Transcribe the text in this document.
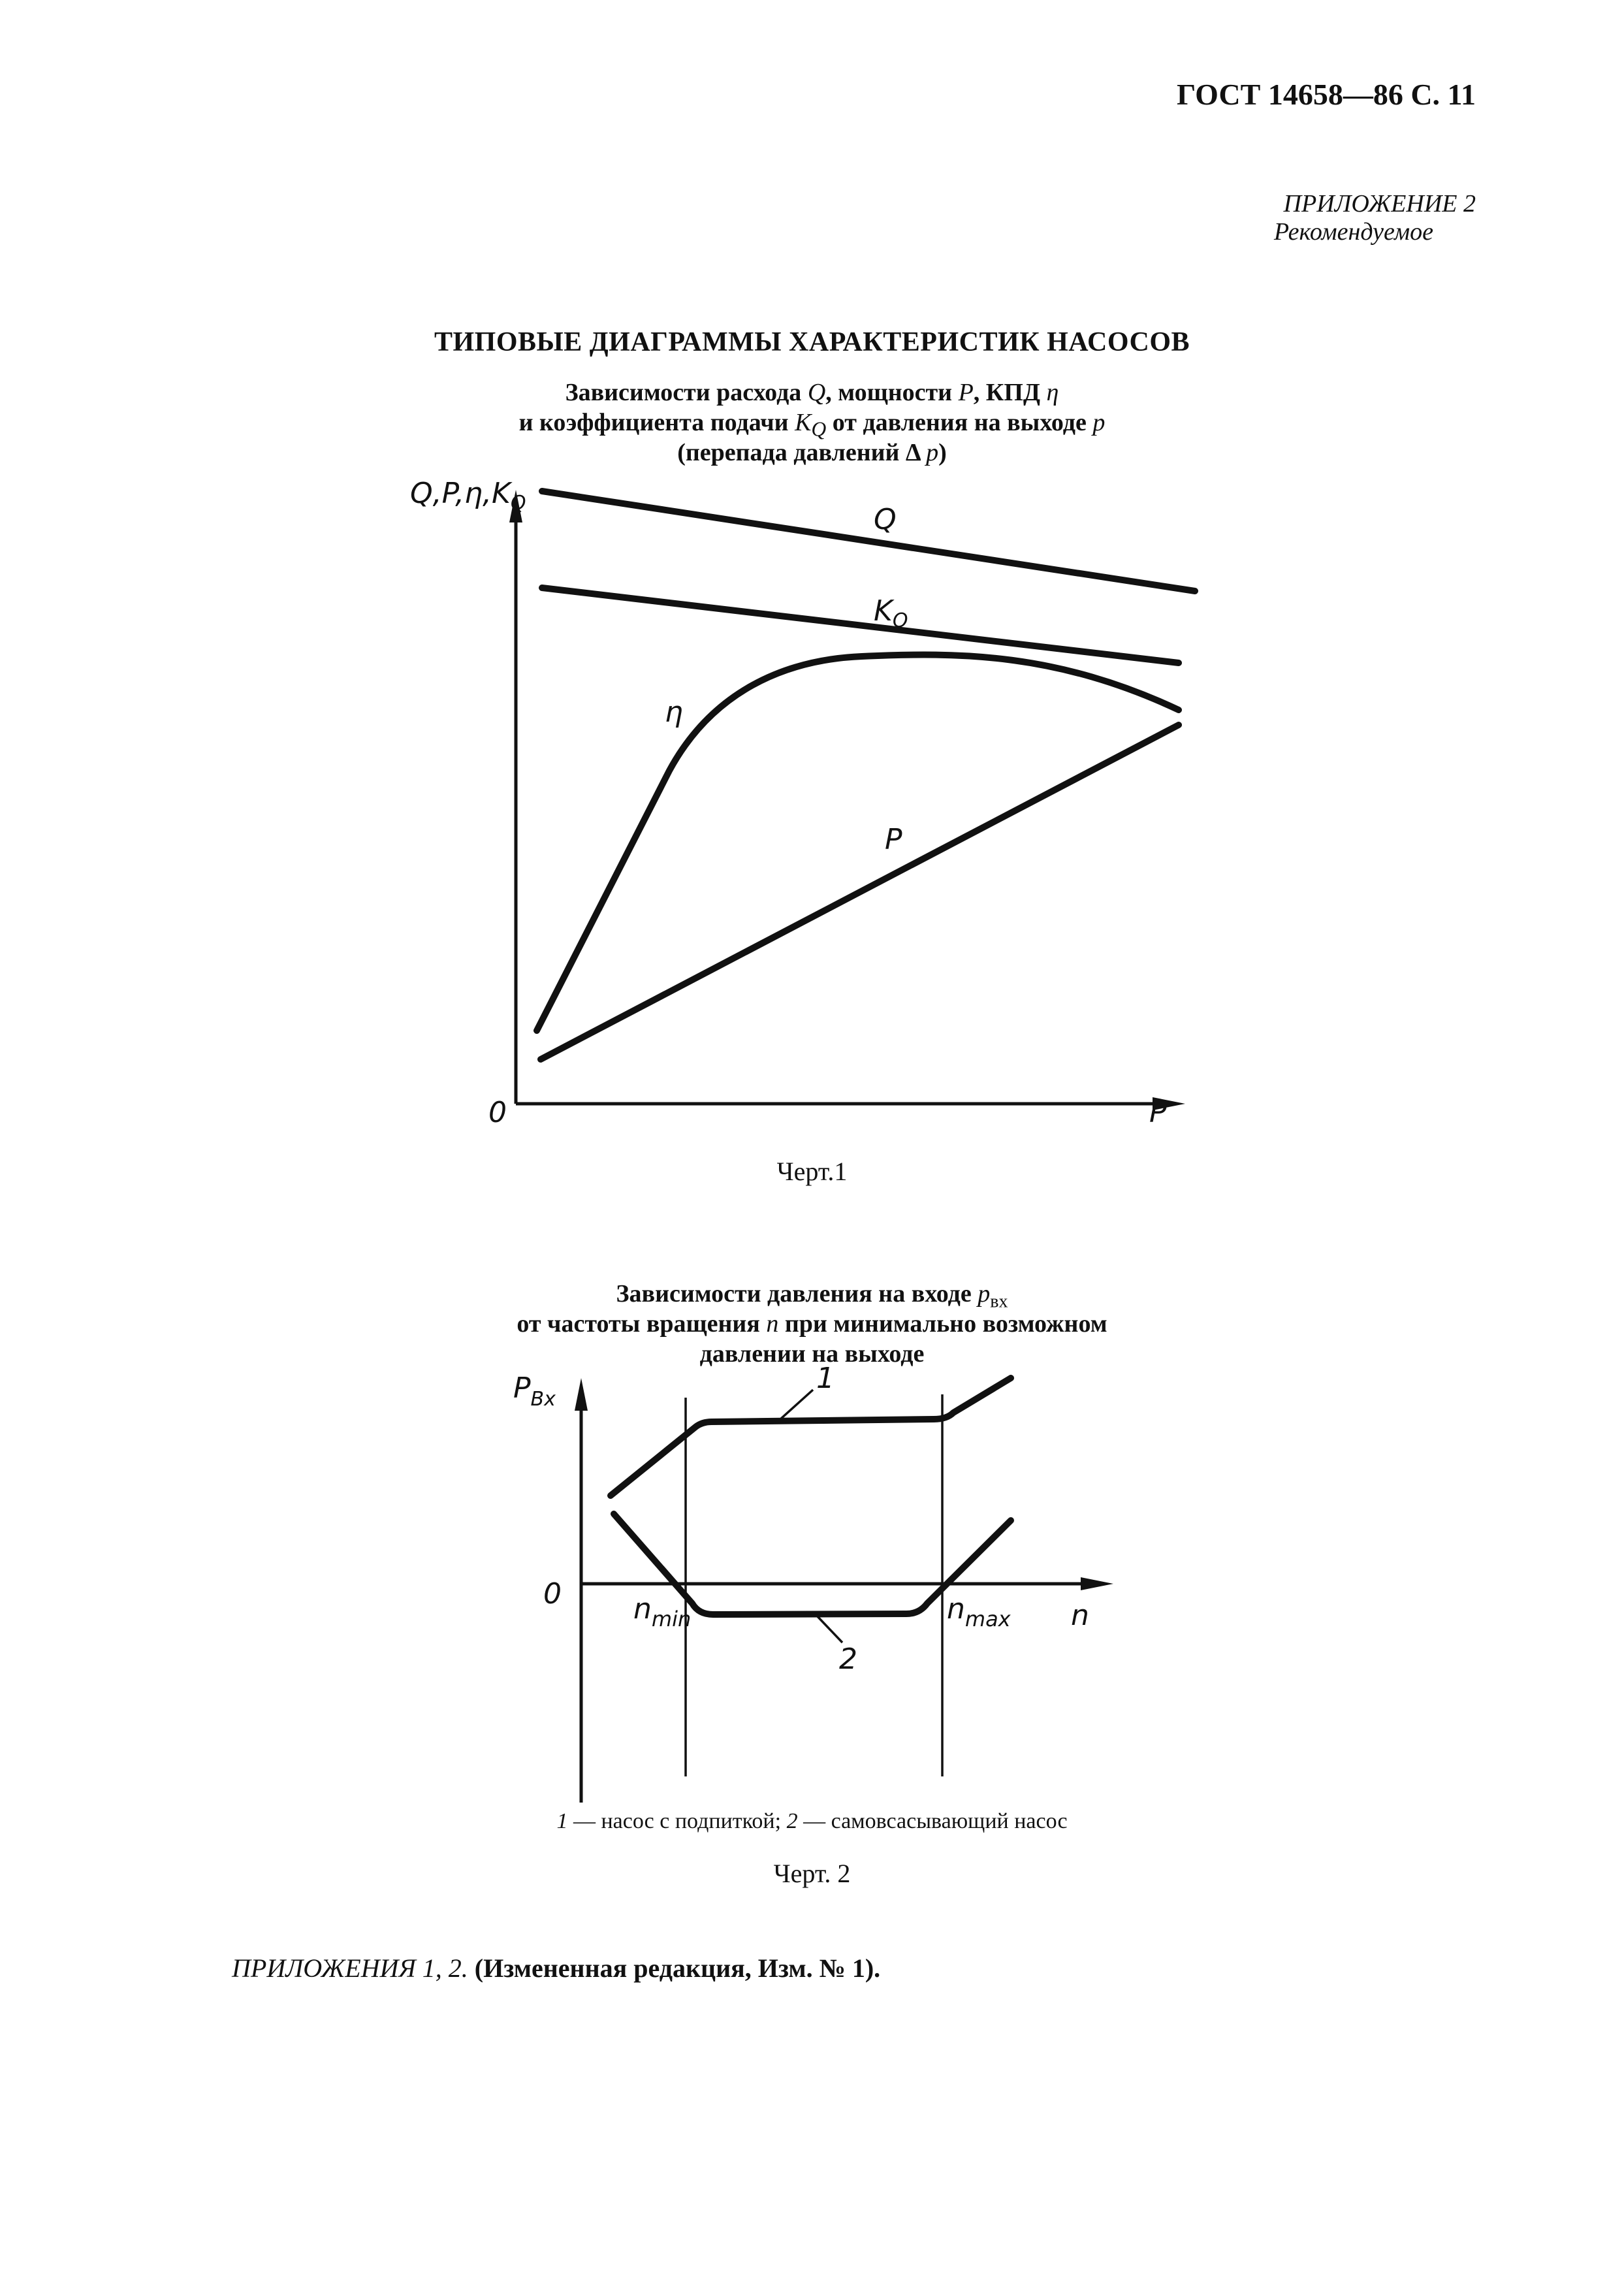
ГОСТ 14658—86 С. 11
ПРИЛОЖЕНИЕ 2
Рекомендуемое
ТИПОВЫЕ ДИАГРАММЫ ХАРАКТЕРИСТИК НАСОСОВ
Зависимости расхода Q, мощности P, КПД η
и коэффициента подачи $K_Q$ от давления на выходе p
(перепада давлений Δ p)
$Q,P,\eta,K_Q$
0	P
Q
$K_Q$
η
P
Черт.1
Зависимости давления на входе $p_{вх}$
от частоты вращения n при минимально возможном
давлении на выходе
$P_{Bx}$
0
n
$n_{min}$	$n_{max}$
1
2
1 — насос с подпиткой; 2 — самовсасывающий насос
Черт. 2
ПРИЛОЖЕНИЯ 1, 2. (Измененная редакция, Изм. № 1).
